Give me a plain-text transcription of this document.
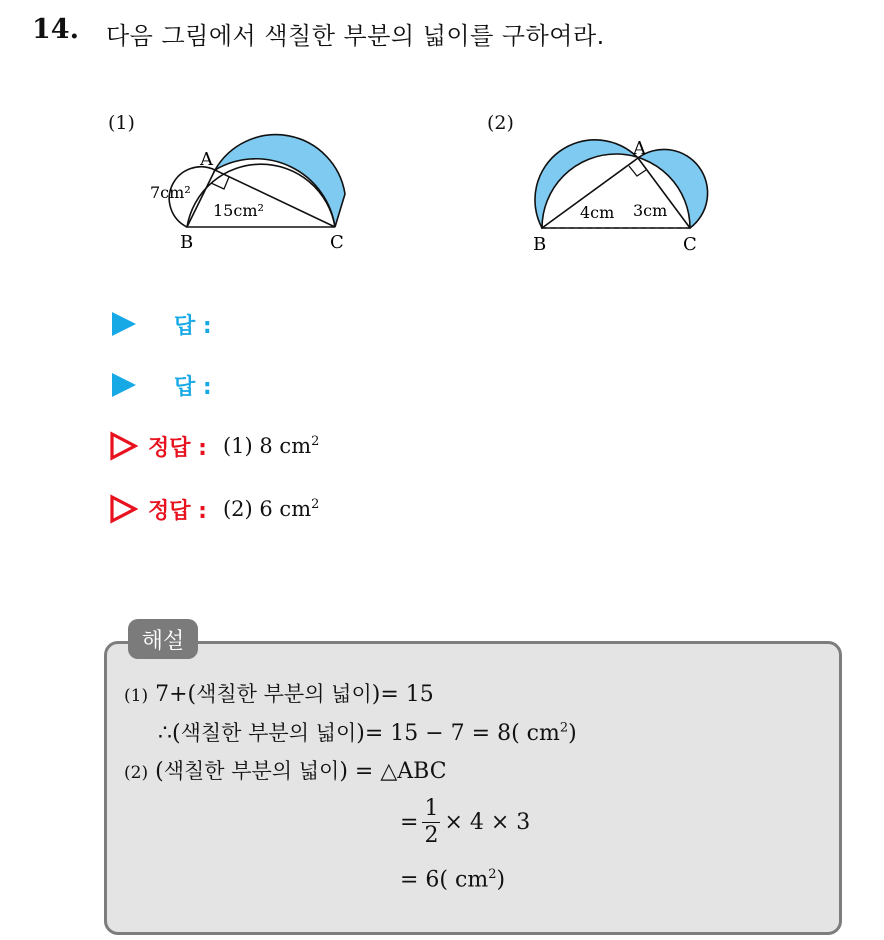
14. 다음 그림에서 색칠한 부분의 넓이를 구하여라.
(1)	(2)
A
B	C
7cm²
15cm²
A
B	C
4cm 3cm
답 :
답 :
정답 : (1) 8 $cm^2$
정답 : (2) 6 $cm^2$
해설
(1) 7+(색칠한 부분의 넓이)= 15
∴(색칠한 부분의 넓이)= 15 − 7 = 8( $cm^2$)
(2) (색칠한 부분의 넓이) = △ABC
= $\frac{1}{2} \times 4 \times 3$
= 6( $cm^2$)
